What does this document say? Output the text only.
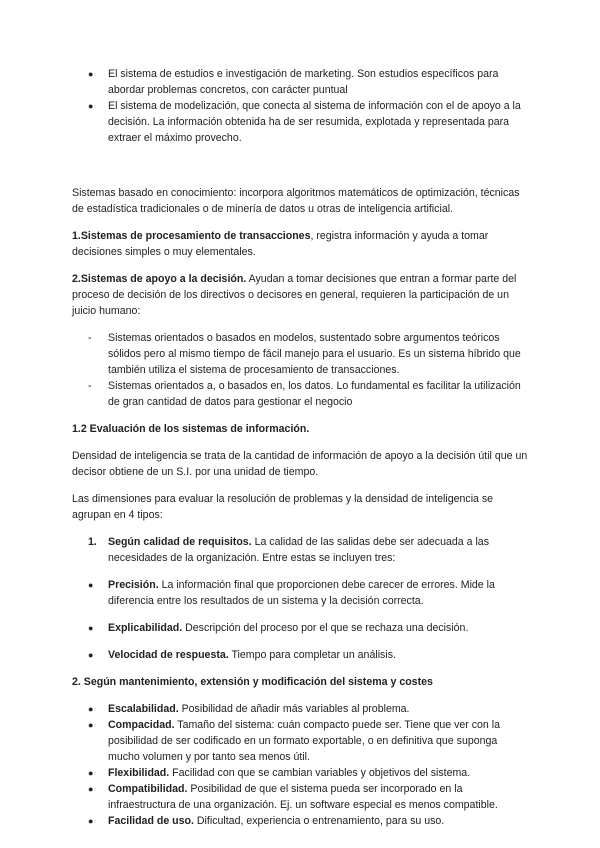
● El sistema de estudios e investigación de marketing. Son estudios específicos para abordar problemas concretos, con carácter puntual
● El sistema de modelización, que conecta al sistema de información con el de apoyo a la decisión. La información obtenida ha de ser resumida, explotada y representada para extraer el máximo provecho.

Sistemas basado en conocimiento: incorpora algoritmos matemáticos de optimización, técnicas de estadística tradicionales o de minería de datos u otras de inteligencia artificial.

1.Sistemas de procesamiento de transacciones, registra información y ayuda a tomar decisiones simples o muy elementales.

2.Sistemas de apoyo a la decisión. Ayudan a tomar decisiones que entran a formar parte del proceso de decisión de los directivos o decisores en general, requieren la participación de un juicio humano:

- Sistemas orientados o basados en modelos, sustentado sobre argumentos teóricos sólidos pero al mismo tiempo de fácil manejo para el usuario. Es un sistema híbrido que también utiliza el sistema de procesamiento de transacciones.
- Sistemas orientados a, o basados en, los datos. Lo fundamental es facilitar la utilización de gran cantidad de datos para gestionar el negocio

1.2 Evaluación de los sistemas de información.

Densidad de inteligencia se trata de la cantidad de información de apoyo a la decisión útil que un decisor obtiene de un S.I. por una unidad de tiempo.

Las dimensiones para evaluar la resolución de problemas y la densidad de inteligencia se agrupan en 4 tipos:

1. Según calidad de requisitos. La calidad de las salidas debe ser adecuada a las necesidades de la organización. Entre estas se incluyen tres:
● Precisión. La información final que proporcionen debe carecer de errores. Mide la diferencia entre los resultados de un sistema y la decisión correcta.
● Explicabilidad. Descripción del proceso por el que se rechaza una decisión.
● Velocidad de respuesta. Tiempo para completar un análisis.

2. Según mantenimiento, extensión y modificación del sistema y costes

● Escalabilidad. Posibilidad de añadir más variables al problema.
● Compacidad. Tamaño del sistema: cuán compacto puede ser. Tiene que ver con la posibilidad de ser codificado en un formato exportable, o en definitiva que suponga mucho volumen y por tanto sea menos útil.
● Flexibilidad. Facilidad con que se cambian variables y objetivos del sistema.
● Compatibilidad. Posibilidad de que el sistema pueda ser incorporado en la infraestructura de una organización. Ej. un software especial es menos compatible.
● Facilidad de uso. Dificultad, experiencia o entrenamiento, para su uso.
